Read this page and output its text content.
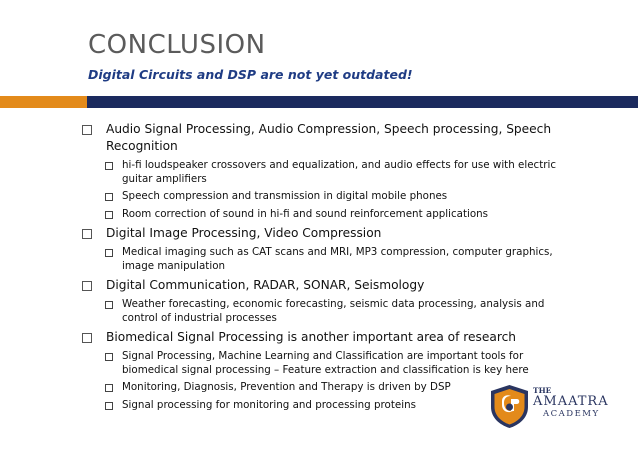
CONCLUSION
Digital Circuits and DSP are not yet outdated!
Audio Signal Processing, Audio Compression, Speech processing, Speech Recognition
hi-fi loudspeaker crossovers and equalization, and audio effects for use with electric guitar amplifiers
Speech compression and transmission in digital mobile phones
Room correction of sound in hi-fi and sound reinforcement applications
Digital Image Processing, Video Compression
Medical imaging such as CAT scans and MRI, MP3 compression, computer graphics, image manipulation
Digital Communication, RADAR, SONAR, Seismology
Weather forecasting, economic forecasting, seismic data processing, analysis and control of industrial processes
Biomedical Signal Processing is another important area of research
Signal Processing, Machine Learning and Classification are important tools for biomedical signal processing – Feature extraction and classification is key here
Monitoring, Diagnosis, Prevention and Therapy is driven by DSP
Signal processing for monitoring and processing proteins
THE
AMAATRA
ACADEMY
